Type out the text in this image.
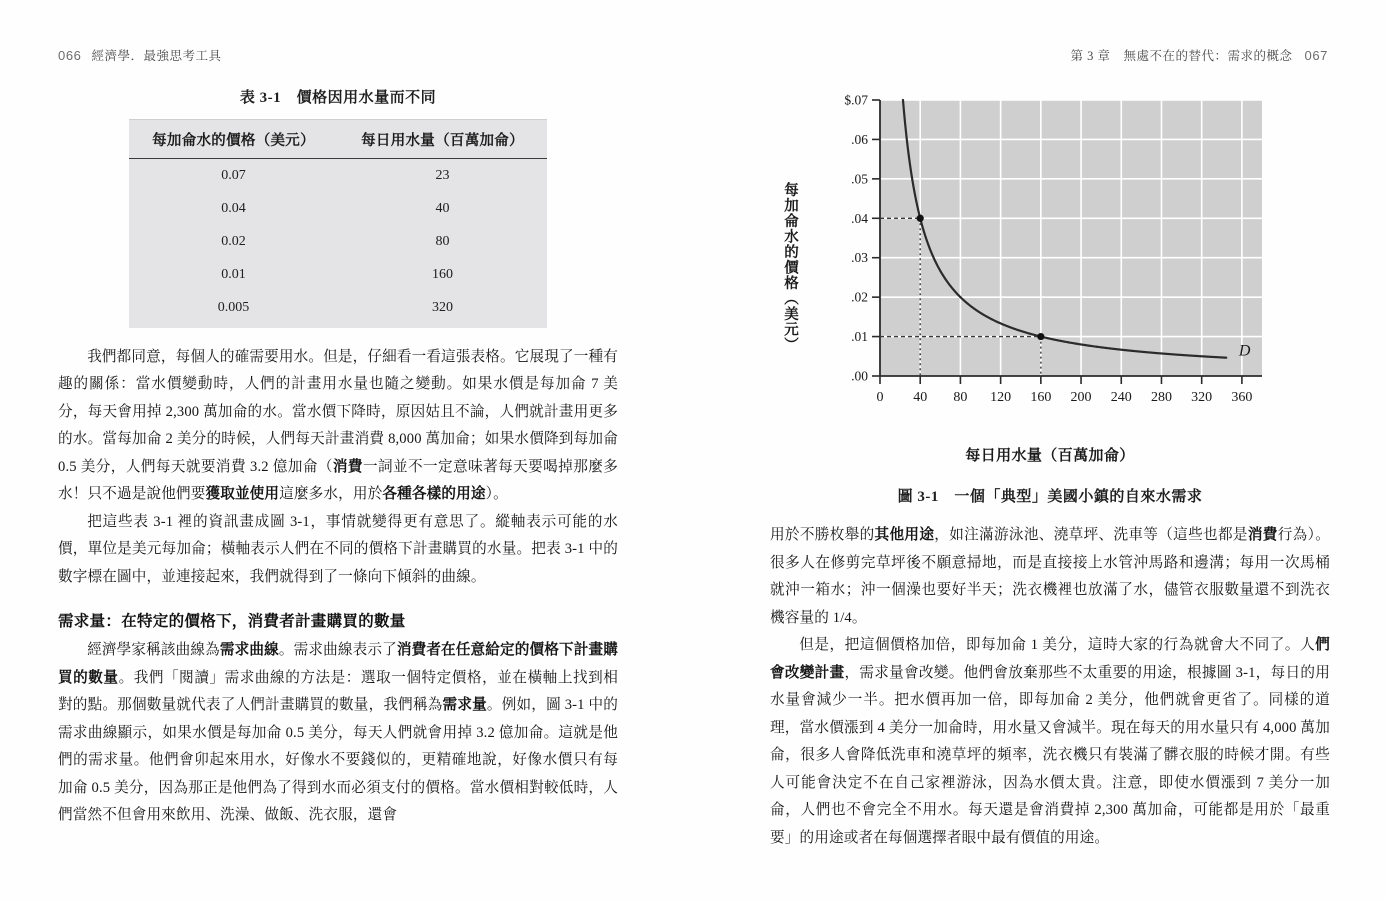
066 經濟學．最強思考工具	第 3 章　無處不在的替代：需求的概念 067
表 3-1　價格因用水量而不同
每加侖水的價格（美元）	每日用水量（百萬加侖）
0.07	23
0.04	40
0.02	80
0.01	160
0.005	320

我們都同意，每個人的確需要用水。但是，仔細看一看這張表格。它展現了一種有趣的關係：當水價變動時，人們的計畫用水量也隨之變動。如果水價是每加侖 7 美分，每天會用掉 2,300 萬加侖的水。當水價下降時，原因姑且不論，人們就計畫用更多的水。當每加侖 2 美分的時候，人們每天計畫消費 8,000 萬加侖；如果水價降到每加侖 0.5 美分，人們每天就要消費 3.2 億加侖（消費一詞並不一定意味著每天要喝掉那麼多水！只不過是說他們要獲取並使用這麼多水，用於各種各樣的用途）。

把這些表 3-1 裡的資訊畫成圖 3-1，事情就變得更有意思了。縱軸表示可能的水價，單位是美元每加侖；橫軸表示人們在不同的價格下計畫購買的水量。把表 3-1 中的數字標在圖中，並連接起來，我們就得到了一條向下傾斜的曲線。

需求量：在特定的價格下，消費者計畫購買的數量

經濟學家稱該曲線為需求曲線。需求曲線表示了消費者在任意給定的價格下計畫購買的數量。我們「閱讀」需求曲線的方法是：選取一個特定價格，並在橫軸上找到相對的點。那個數量就代表了人們計畫購買的數量，我們稱為需求量。例如，圖 3-1 中的需求曲線顯示，如果水價是每加侖 0.5 美分，每天人們就會用掉 3.2 億加侖。這就是他們的需求量。他們會卯起來用水，好像水不要錢似的，更精確地說，好像水價只有每加侖 0.5 美分，因為那正是他們為了得到水而必須支付的價格。當水價相對較低時，人們當然不但會用來飲用、洗澡、做飯、洗衣服，還會

每加侖水的價格（美元）
.00
.01
.02
.03
.04
.05
.06
$.07
0 40 80 120 160 200 240 280 320 360
D
每日用水量（百萬加侖）
圖 3-1　一個「典型」美國小鎮的自來水需求

用於不勝枚舉的其他用途，如注滿游泳池、澆草坪、洗車等（這些也都是消費行為）。很多人在修剪完草坪後不願意掃地，而是直接接上水管沖馬路和邊溝；每用一次馬桶就沖一箱水；沖一個澡也要好半天；洗衣機裡也放滿了水，儘管衣服數量還不到洗衣機容量的 1/4。

但是，把這個價格加倍，即每加侖 1 美分，這時大家的行為就會大不同了。人們會改變計畫，需求量會改變。他們會放棄那些不太重要的用途，根據圖 3-1，每日的用水量會減少一半。把水價再加一倍，即每加侖 2 美分，他們就會更省了。同樣的道理，當水價漲到 4 美分一加侖時，用水量又會減半。現在每天的用水量只有 4,000 萬加侖，很多人會降低洗車和澆草坪的頻率，洗衣機只有裝滿了髒衣服的時候才開。有些人可能會決定不在自己家裡游泳，因為水價太貴。注意，即使水價漲到 7 美分一加侖，人們也不會完全不用水。每天還是會消費掉 2,300 萬加侖，可能都是用於「最重要」的用途或者在每個選擇者眼中最有價值的用途。
